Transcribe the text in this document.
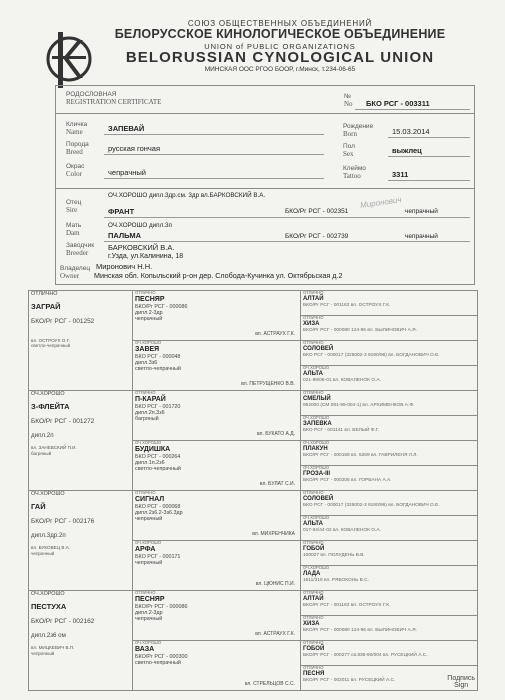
СОЮЗ ОБЩЕСТВЕННЫХ ОБЪЕДИНЕНИЙ
БЕЛОРУССКОЕ КИНОЛОГИЧЕСКОЕ ОБЪЕДИНЕНИЕ
UNION of PUBLIC ORGANIZATIONS
BELORUSSIAN CYNOLOGICAL UNION
МИНСКАЯ ООС РГОО БООР, г.Минск, т.234-06-65
РОДОСЛОВНАЯ
REGISTRATION CERTIFICATE
№
No БКО РСГ - 003311
Кличка
Name	ЗАПЕВАЙ
Порода
Breed	русская гончая
Окрас
Color	чепрачный
Рождение
Born	15.03.2014
Пол
Sex	выжлец
Клеймо
Tattoo	3311
ОЧ.ХОРОШО дипл.3др.см. 3др вл.БАРКОВСКИЙ В.А.
Отец
Sire	ФРАНТ	БКО/Рг РСГ - 002351	чепрачный
ОЧ.ХОРОШО дипл.3п
Мать
Dam	ПАЛЬМА	БКО/Рг РСГ - 002739	чепрачный
Заводчик
Breeder
БАРКОВСКИЙ В.А.
г.Узда, ул.Калинина, 18
Владелец
Owner
Миронович Н.Н.
Минская обл. Копыльский р-он дер. Слобода-Кучинка ул. Октябрьская д.2
Миронович
ОТЛИЧНО

ЗАГРАЙ

БКО/Рг РСГ - 001252

вл. ОСТРОУХ О.Г.
светло-чепрачный
ОЧ.ХОРОШО

З-ФЛЕЙТА

БКО/Рг РСГ - 001272

дипл.2п

вл. ЗАНЕВСКИЙ П.И.
багряный
ОЧ.ХОРОШО

ГАЙ

БКО/Рг РСГ - 002176

дипл.3др.2п

вл. БУКОВЕЦ В.А.
чепрачный
ОЧ.ХОРОШО

ПЕСТУХА

БКО/Рг РСГ - 002162

дипл.2з6 ом

вл. МИЦКЕВИЧ В.П.
чепрачный
ОТЛИЧНО
ПЕСНЯР
БКО/Рг РСГ - 000086
дипл.2-3др
чепрачный
вл. АСТРАУХ Г.К.
ОЧ.ХОРОШО
ЗАВЕЯ
БКО РСГ - 000048
дипл.3з6
светло-чепрачный
вл. ПЕТРУЩЕНКО В.В.
ОТЛИЧНО
П-КАРАЙ
БКО РСГ - 001720
дипл.2п.3з6
багряный
вл. БУКАТО А.Д.
ОЧ.ХОРОШО
БУДИШКА
БКО РСГ - 000264
дипл.1п.2з6
светло-чепрачный
вл. БУЛАТ С.И.
ОТЛИЧНО
СИГНАЛ
БКО РСГ - 000068
дипл.2з6.2-3з6.3др
чепрачный
вл. МИХРЕНЧИКА
ОЧ.ХОРОШО
АРФА
БКО РСГ - 000171
чепрачный
вл. ЦЮНИС П.И.
ОТЛИЧНО
ПЕСНЯР
БКО/Рг РСГ - 000086
дипл.2-3др
чепрачный
вл. АСТРАУХ Г.К.
ОЧ.ХОРОШО
ВАЗА
БКО/Рг РСГ - 000300
светло-чепрачный
вл. СТРЕЛЬЦОВ С.С.
ОТЛИЧНО
АЛТАЙ
БКО/Рг РСГ - 001163 вл. ОСТРОУХ Г.К.
ОТЛИЧНО
ХИЗА
БКО/Рг РСГ - 000080 124-96 вл. БЫЛИНОВИЧ А.Я.
ОТЛИЧНО
СОЛОВЕЙ
БКО РСГ - 000017 (325002-3 9190/96) вл. БОГДАНОВИЧ О.Е.
ОЧ.ХОРОШО
АЛЬТА
021-99/06-01 вл. КОВАЛЕНОК О.А.
ОТЛИЧНО
СМЕЛЫЙ
962000 (СМ 081-99-004-1) вл. АРХИМЕНКОВ А.Ф.
ОЧ.ХОРОШО
ЗАПЕВКА
БКО РСГ - 001141 вл. БЕЛЫЙ Ф.Г.
ОЧ.ХОРОШО
ПЛАКУН
БКО/Рг РСГ - 000159 вл. 5269 вл. ГАВРИЛЕНЯ Л.Л.
ОЧ.ХОРОШО
ГРОЗА-III
БКО/Рг РСГ - 000206 вл. ГОРБАНА А.А.
ОТЛИЧНО
СОЛОВЕЙ
БКО РСГ - 000017 (325002-3 9190/96) вл. БОГДАНОВИЧ О.Е.
ОЧ.ХОРОШО
АЛЬТА
017-94/44-02 вл. КОВАЛЕНОК О.А.
ОТЛИЧНО
ГОБОЙ
100027 вл. ПОЛУДЕНЬ В.В.
ОЧ.ХОРОШО
ЛАДА
1611/318 вл. РЯБОКОНЬ В.С.
ОТЛИЧНО
АЛТАЙ
БКО/Рг РСГ - 001163 вл. ОСТРОУХ Г.К.
ОТЛИЧНО
ХИЗА
БКО/Рг РСГ - 000080 124-96 вл. БЫЛИНОВИЧ А.Я.
ОТЛИЧНО
ГОБОЙ
БКО/Рг РСГ - 000277 св.836-90/004 вл. РУСЕЦКИЙ А.С.
ОТЛИЧНО
ПЕСНЯ
БКО/Рг РСГ - 002011 вл. РУСЕЦКИЙ А.С.	Подпись
Sign
